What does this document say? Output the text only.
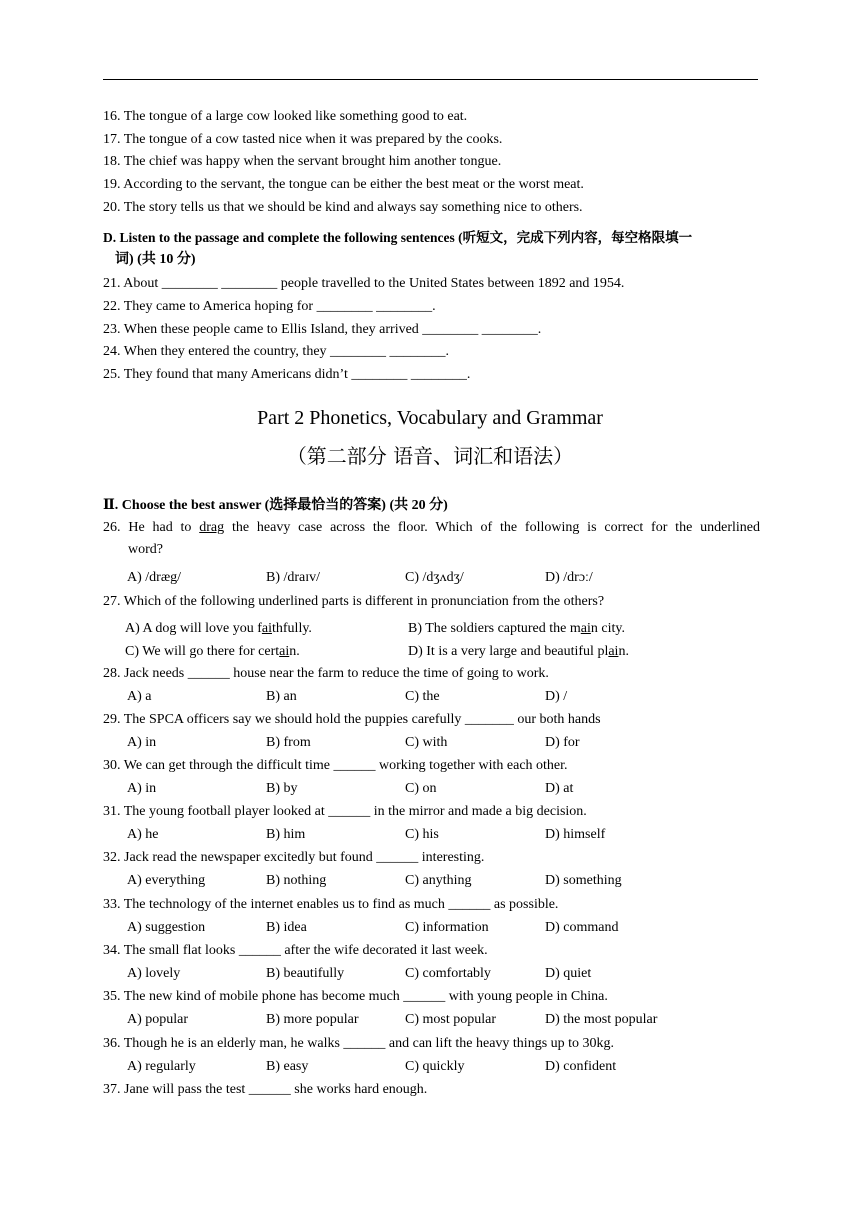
16. The tongue of a large cow looked like something good to eat.
17. The tongue of a cow tasted nice when it was prepared by the cooks.
18. The chief was happy when the servant brought him another tongue.
19. According to the servant, the tongue can be either the best meat or the worst meat.
20. The story tells us that we should be kind and always say something nice to others.
D. Listen to the passage and complete the following sentences (听短文，完成下列内容，每空格限填一
词) (共 10 分)
21. About ________ ________ people travelled to the United States between 1892 and 1954.
22. They came to America hoping for ________ ________.
23. When these people came to Ellis Island, they arrived ________ ________.
24. When they entered the country, they ________ ________.
25. They found that many Americans didn’t ________ ________.
Part 2 Phonetics, Vocabulary and Grammar
（第二部分 语音、词汇和语法）
Ⅱ. Choose the best answer (选择最恰当的答案) (共 20 分)
26. He had to drag the heavy case across the floor. Which of the following is correct for the underlined
word?
A) /dræg/	B) /draɪv/	C) /dʒʌdʒ/	D) /drɔː/
27. Which of the following underlined parts is different in pronunciation from the others?
A) A dog will love you faithfully.	B) The soldiers captured the main city.
C) We will go there for certain.	D) It is a very large and beautiful plain.
28. Jack needs ______ house near the farm to reduce the time of going to work.
A) a	B) an	C) the	D) /
29. The SPCA officers say we should hold the puppies carefully _______ our both hands
A) in	B) from	C) with	D) for
30. We can get through the difficult time ______ working together with each other.
A) in	B) by	C) on	D) at
31. The young football player looked at ______ in the mirror and made a big decision.
A) he	B) him	C) his	D) himself
32. Jack read the newspaper excitedly but found ______ interesting.
A) everything	B) nothing	C) anything	D) something
33. The technology of the internet enables us to find as much ______ as possible.
A) suggestion	B) idea	C) information	D) command
34. The small flat looks ______ after the wife decorated it last week.
A) lovely	B) beautifully	C) comfortably	D) quiet
35. The new kind of mobile phone has become much ______ with young people in China.
A) popular	B) more popular	C) most popular	D) the most popular
36. Though he is an elderly man, he walks ______ and can lift the heavy things up to 30kg.
A) regularly	B) easy	C) quickly	D) confident
37. Jane will pass the test ______ she works hard enough.
